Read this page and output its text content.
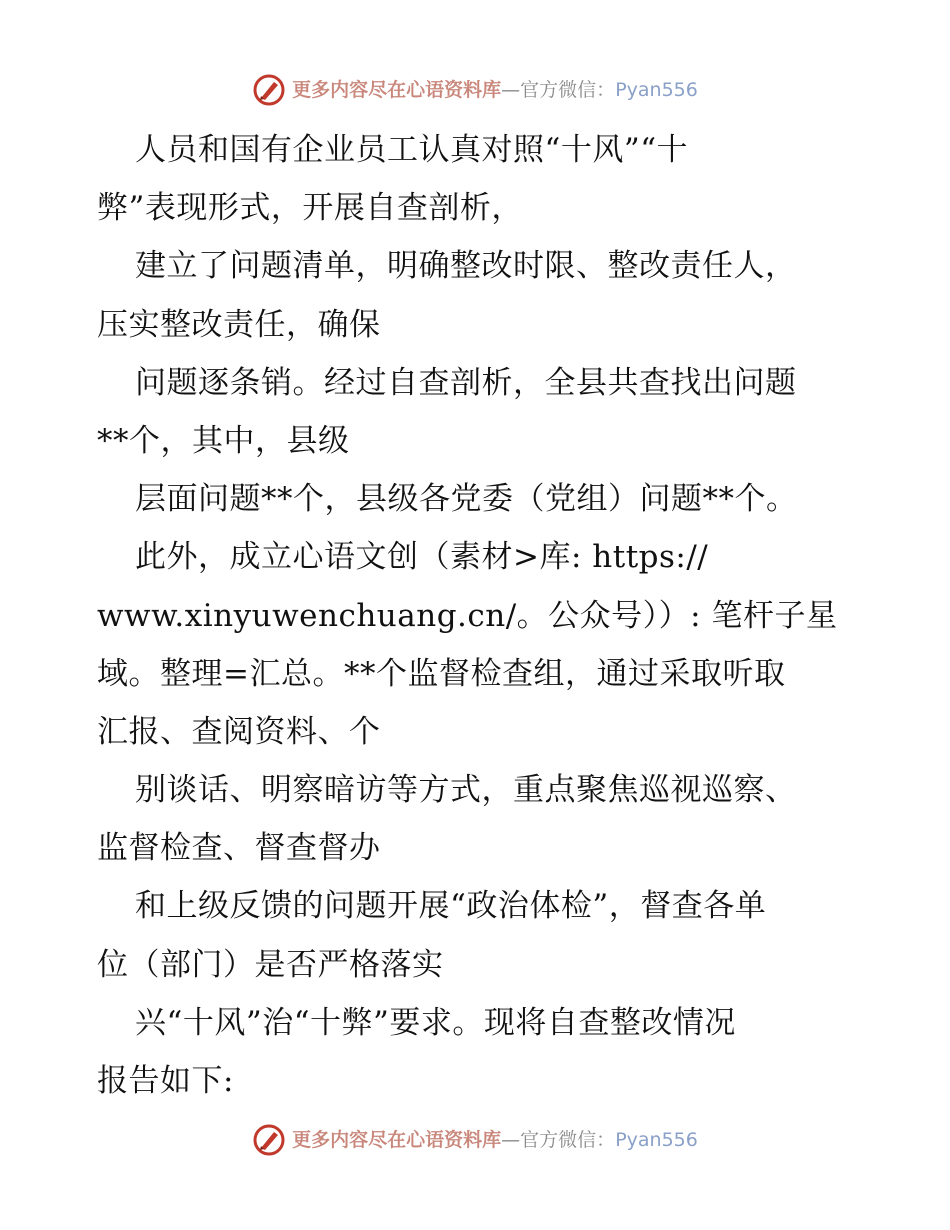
更多内容尽在心语资料库—官方微信：Pyan556
人员和国有企业员工认真对照“十风”“十
弊”表现形式，开展自查剖析，
建立了问题清单，明确整改时限、整改责任人，
压实整改责任，确保
问题逐条销。经过自查剖析，全县共查找出问题
**个，其中，县级
层面问题**个，县级各党委（党组）问题**个。
此外，成立心语文创（素材>库: https://
www.xinyuwenchuang.cn/。公众号））: 笔杆子星
域。整理=汇总。**个监督检查组，通过采取听取
汇报、查阅资料、个
别谈话、明察暗访等方式，重点聚焦巡视巡察、
监督检查、督查督办
和上级反馈的问题开展“政治体检”，督查各单
位（部门）是否严格落实
兴“十风”治“十弊”要求。现将自查整改情况
报告如下:
更多内容尽在心语资料库—官方微信：Pyan556
